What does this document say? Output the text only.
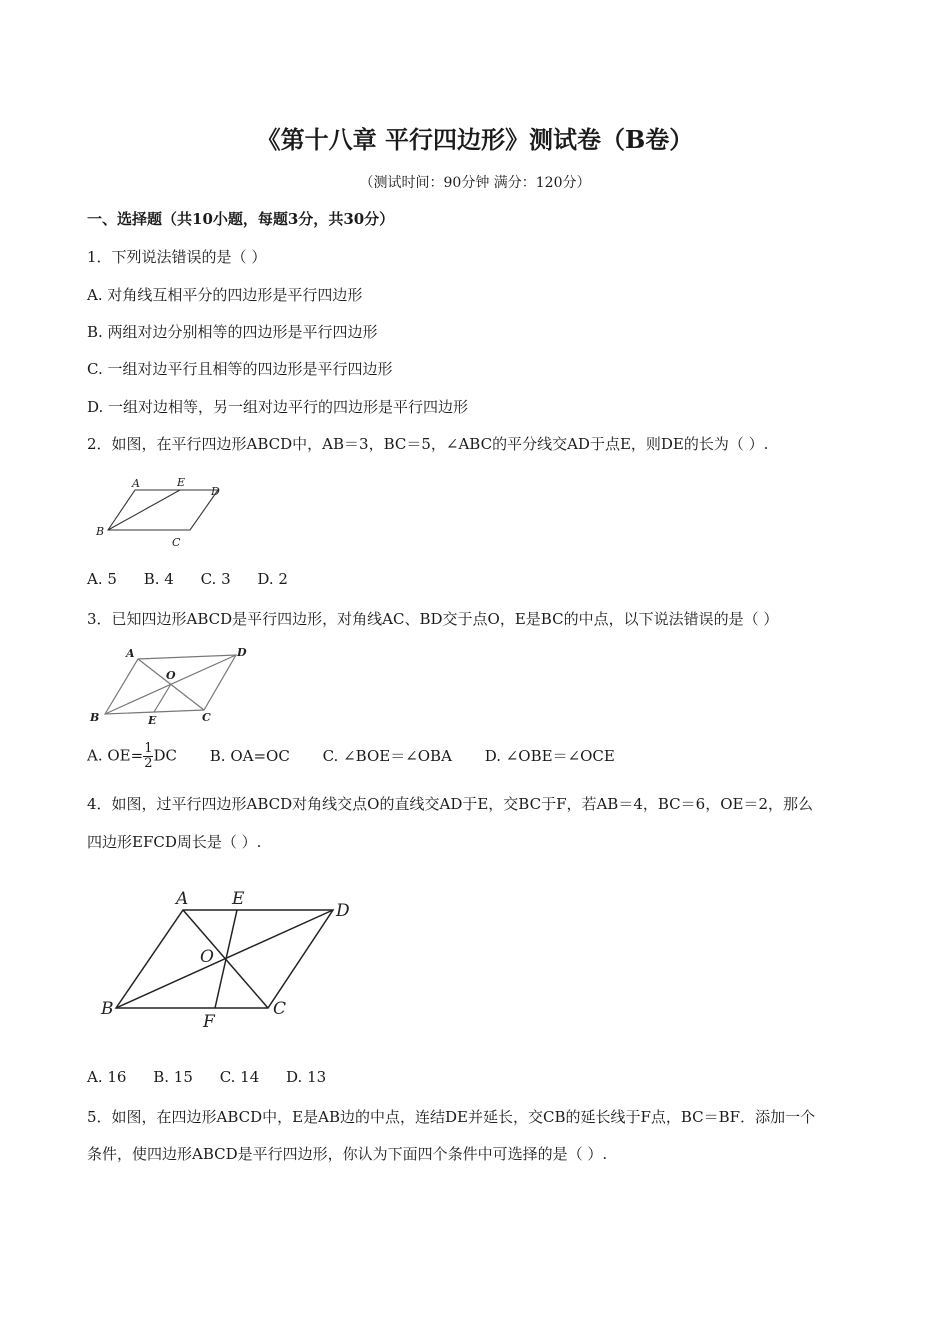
《第十八章 平行四边形》测试卷（B卷）
（测试时间：90分钟 满分：120分）
一、选择题（共10小题，每题3分，共30分）
1．下列说法错误的是（ ）
A. 对角线互相平分的四边形是平行四边形
B. 两组对边分别相等的四边形是平行四边形
C. 一组对边平行且相等的四边形是平行四边形
D. 一组对边相等，另一组对边平行的四边形是平行四边形
2．如图，在平行四边形ABCD中，AB＝3，BC＝5，∠ABC的平分线交AD于点E，则DE的长为（ ）.
A	E
D
B
C
A. 5 B. 4 C. 3 D. 2
3．已知四边形ABCD是平行四边形，对角线AC、BD交于点O，E是BC的中点，以下说法错误的是（ ）
A	D
O
B	E	C
A. $OE= \frac{1}{2}$ DC B. OA=OC C. ∠BOE＝∠OBA D. ∠OBE＝∠OCE
4．如图，过平行四边形ABCD对角线交点O的直线交AD于E，交BC于F，若AB＝4，BC＝6，OE＝2，那么
四边形EFCD周长是（ ）.
A	E
D
O
B
F
C
A. 16 B. 15 C. 14 D. 13
5．如图，在四边形ABCD中，E是AB边的中点，连结DE并延长，交CB的延长线于F点，BC＝BF．添加一个
条件，使四边形ABCD是平行四边形，你认为下面四个条件中可选择的是（ ）.
